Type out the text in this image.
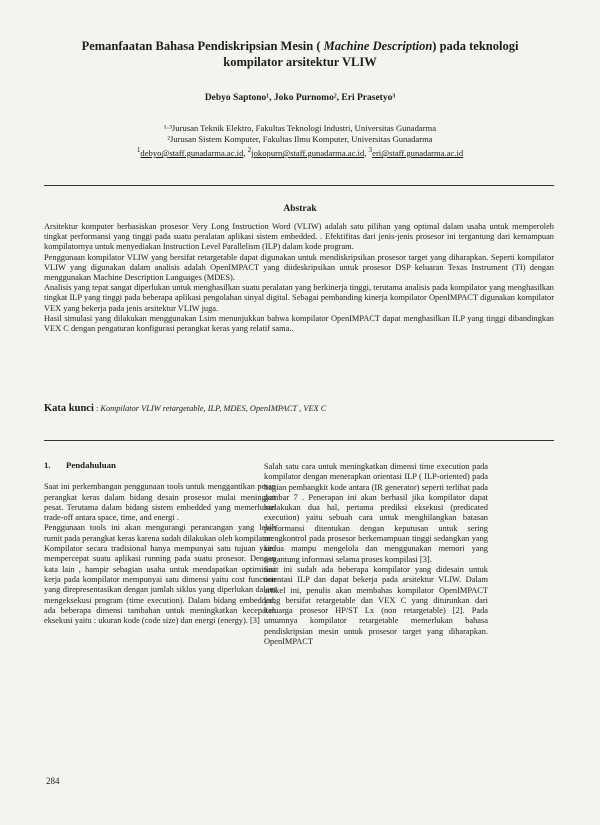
Pemanfaatan Bahasa Pendiskripsian Mesin ( Machine Description) pada teknologi kompilator arsitektur VLIW
Debyo Saptono¹, Joko Purnomo², Eri Prasetyo³
¹·³Jurusan Teknik Elektro, Fakultas Teknologi Industri, Universitas Gunadarma
²Jurusan Sistem Komputer, Fakultas Ilmu Komputer, Universitas Gunadarma
$^1$debyo@staff.gunadarma.ac.id, $^2$jokopurn@staff.gunadarma.ac.id, $^3$eri@staff.gunadarma.ac.id
Abstrak

Arsitektur komputer berbasiskan prosesor Very Long Instruction Word (VLIW) adalah satu pilihan yang optimal dalam usaha untuk memperoleh tingkat performansi yang tinggi pada suatu peralatan aplikasi sistem embedded. . Efektifitas dari jenis-jenis prosesor ini tergantung dari kemampuan kompilatornya untuk menyediakan Instruction Level Parallelism (ILP) dalam kode program.

Penggunaan kompilator VLIW yang bersifat retargetable dapat digunakan untuk mendiskripsikan prosesor target yang diharapkan. Seperti kompilator VLIW yang digunakan dalam analisis adalah OpenIMPACT yang diideskripsikan untuk prosesor DSP keluaran Texas Instrument (TI) dengan menggunakan Machine Description Languages (MDES).

Analisis yang tepat sangat diperlukan untuk menghasilkan suatu peralatan yang berkinerja tinggi, terutama analisis pada kompilator yang menghasilkan tingkat ILP yang tinggi pada beberapa aplikasi pengolahan sinyal digital. Sebagai pembanding kinerja kompilator OpenIMPACT digunakan kompilator VEX yang bekerja pada jenis arsitektur VLIW juga.

Hasil simulasi yang dilakukan menggunakan Lsim menunjukkan bahwa kompilator OpenIMPACT dapat menghasilkan ILP yang tinggi dibandingkan VEX C dengan pengaturan konfigurasi perangkat keras yang relatif sama..

Kata kunci : Kompilator VLIW retargetable, ILP, MDES, OpenIMPACT , VEX C

1. Pendahuluan

Saat ini perkembangan penggunaan tools untuk menggantikan peran perangkat keras dalam bidang desain prosesor mulai meningkat pesat. Terutama dalam bidang sistem embedded yang memerlukan trade-off antara space, time, and energi .

Penggunaan tools ini akan mengurangi perancangan yang lebih rumit pada perangkat keras karena sudah dilakukan oleh kompilator.

Kompilator secara tradisional hanya mempunyai satu tujuan yaitu mempercepat suatu aplikasi running pada suatu prosesor. Dengan kata lain , hampir sebagian usaha untuk mendapatkan optimisasi kerja pada kompilator mempunyai satu dimensi yaitu cost function yang direpresentasikan dengan jumlah siklus yang diperlukan dalam mengeksekusi program (time execution). Dalam bidang embedded, ada beberapa dimensi tambahan untuk meningkatkan kecepatan eksekusi yaitu : ukuran kode (code size) dan energi (energy). [3]

Salah satu cara untuk meningkatkan dimensi time execution pada kompilator dengan menerapkan orientasi ILP ( ILP-oriented) pada bagian pembangkit kode antara (IR generator) seperti terlihat pada gambar 7 . Penerapan ini akan berhasil jika kompilator dapat melakukan dua hal, pertama prediksi eksekusi (predicated execution) yaitu sebuah cara untuk menghilangkan batasan performansi ditentukan dengan keputusan untuk sering mengkontrol pada prosesor berkemampuan tinggi sedangkan yang kedua mampu mengelola dan menggunakan memori yang tergantung informasi selama proses kompilasi [3].

Saat ini sudah ada beberapa kompilator yang didesain untuk orientasi ILP dan dapat bekerja pada arsitektur VLIW. Dalam artikel ini, penulis akan membahas kompilator OpenIMPACT yang bersifat retargetable dan VEX C yang diturunkan dari keluarga prosesor HP/ST Lx (non retargetable) [2]. Pada umumnya kompilator retargetable memerlukan bahasa pendiskripsian mesin untuk prosesor target yang diharapkan. OpenIMPACT

284
